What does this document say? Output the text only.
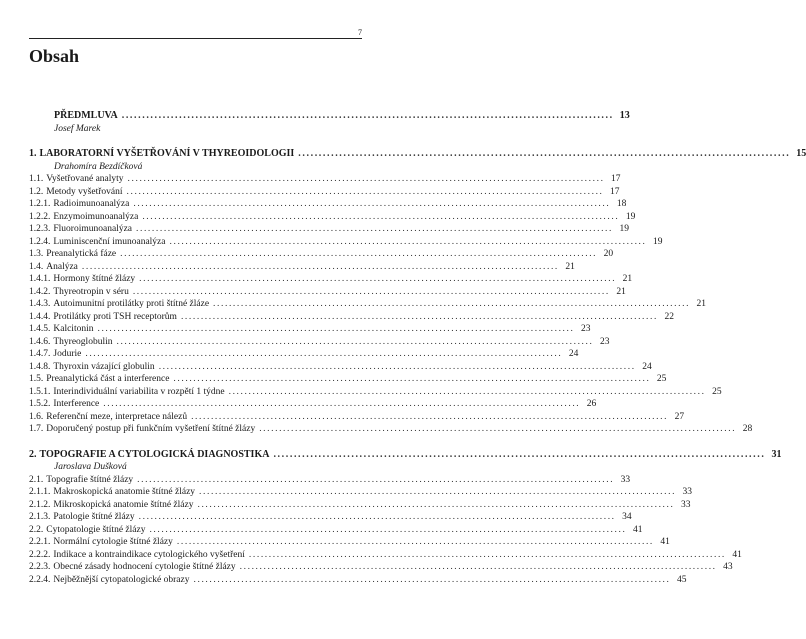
7
Obsah
PŘEDMLUVA ........................................................................................................................ 13
Josef Marek
1. LABORATORNÍ VYŠETŘOVÁNÍ V THYREOIDOLOGII ........................................................................................................................ 15
Drahomíra Bezdíčková
1.1. Vyšetřované analyty ........................................................................................................................ 17
1.2. Metody vyšetřování ........................................................................................................................ 17
1.2.1. Radioimunoanalýza ........................................................................................................................ 18
1.2.2. Enzymoimunoanalýza ........................................................................................................................ 19
1.2.3. Fluoroimunoanalýza ........................................................................................................................ 19
1.2.4. Luminiscenční imunoanalýza ........................................................................................................................ 19
1.3. Preanalytická fáze ........................................................................................................................ 20
1.4. Analýza ........................................................................................................................ 21
1.4.1. Hormony štítné žlázy ........................................................................................................................ 21
1.4.2. Thyreotropin v séru ........................................................................................................................ 21
1.4.3. Autoimunitní protilátky proti štítné žláze ........................................................................................................................ 21
1.4.4. Protilátky proti TSH receptorům ........................................................................................................................ 22
1.4.5. Kalcitonin ........................................................................................................................ 23
1.4.6. Thyreoglobulin ........................................................................................................................ 23
1.4.7. Jodurie ........................................................................................................................ 24
1.4.8. Thyroxin vázající globulin ........................................................................................................................ 24
1.5. Preanalytická část a interference ........................................................................................................................ 25
1.5.1. Interindividuální variabilita v rozpětí 1 týdne ........................................................................................................................ 25
1.5.2. Interference ........................................................................................................................ 26
1.6. Referenční meze, interpretace nálezů ........................................................................................................................ 27
1.7. Doporučený postup při funkčním vyšetření štítné žlázy ........................................................................................................................ 28
2. TOPOGRAFIE A CYTOLOGICKÁ DIAGNOSTIKA ........................................................................................................................ 31
Jaroslava Dušková
2.1. Topografie štítné žlázy ........................................................................................................................ 33
2.1.1. Makroskopická anatomie štítné žlázy ........................................................................................................................ 33
2.1.2. Mikroskopická anatomie štítné žlázy ........................................................................................................................ 33
2.1.3. Patologie štítné žlázy ........................................................................................................................ 34
2.2. Cytopatologie štítné žlázy ........................................................................................................................ 41
2.2.1. Normální cytologie štítné žlázy ........................................................................................................................ 41
2.2.2. Indikace a kontraindikace cytologického vyšetření ........................................................................................................................ 41
2.2.3. Obecné zásady hodnocení cytologie štítné žlázy ........................................................................................................................ 43
2.2.4. Nejběžnější cytopatologické obrazy ........................................................................................................................ 45
